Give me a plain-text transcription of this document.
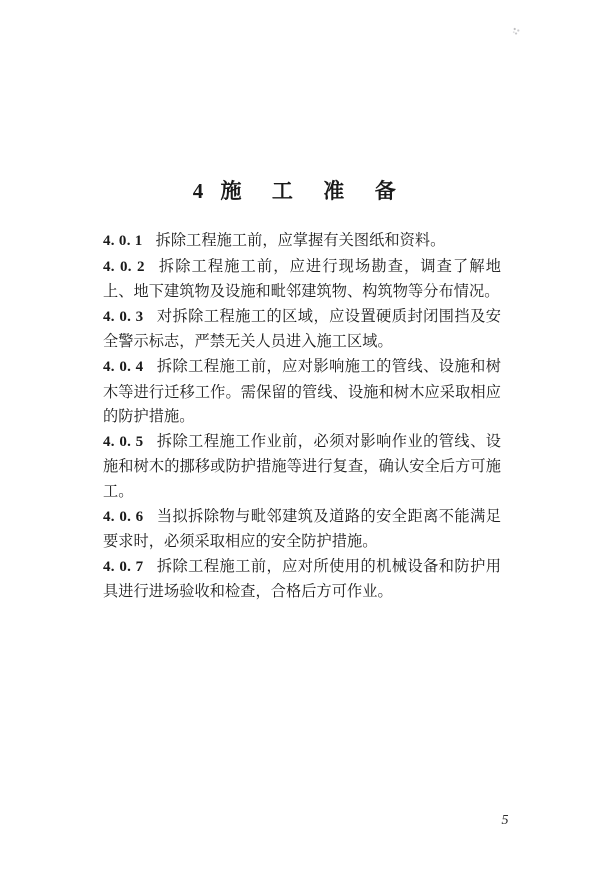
4 施 工 准 备

4. 0. 1 拆除工程施工前，应掌握有关图纸和资料。

4. 0. 2 拆除工程施工前，应进行现场勘查，调查了解地上、地下建筑物及设施和毗邻建筑物、构筑物等分布情况。

4. 0. 3 对拆除工程施工的区域，应设置硬质封闭围挡及安全警示标志，严禁无关人员进入施工区域。

4. 0. 4 拆除工程施工前，应对影响施工的管线、设施和树木等进行迁移工作。需保留的管线、设施和树木应采取相应的防护措施。

4. 0. 5 拆除工程施工作业前，必须对影响作业的管线、设施和树木的挪移或防护措施等进行复查，确认安全后方可施工。

4. 0. 6 当拟拆除物与毗邻建筑及道路的安全距离不能满足要求时，必须采取相应的安全防护措施。

4. 0. 7 拆除工程施工前，应对所使用的机械设备和防护用具进行进场验收和检查，合格后方可作业。

5
